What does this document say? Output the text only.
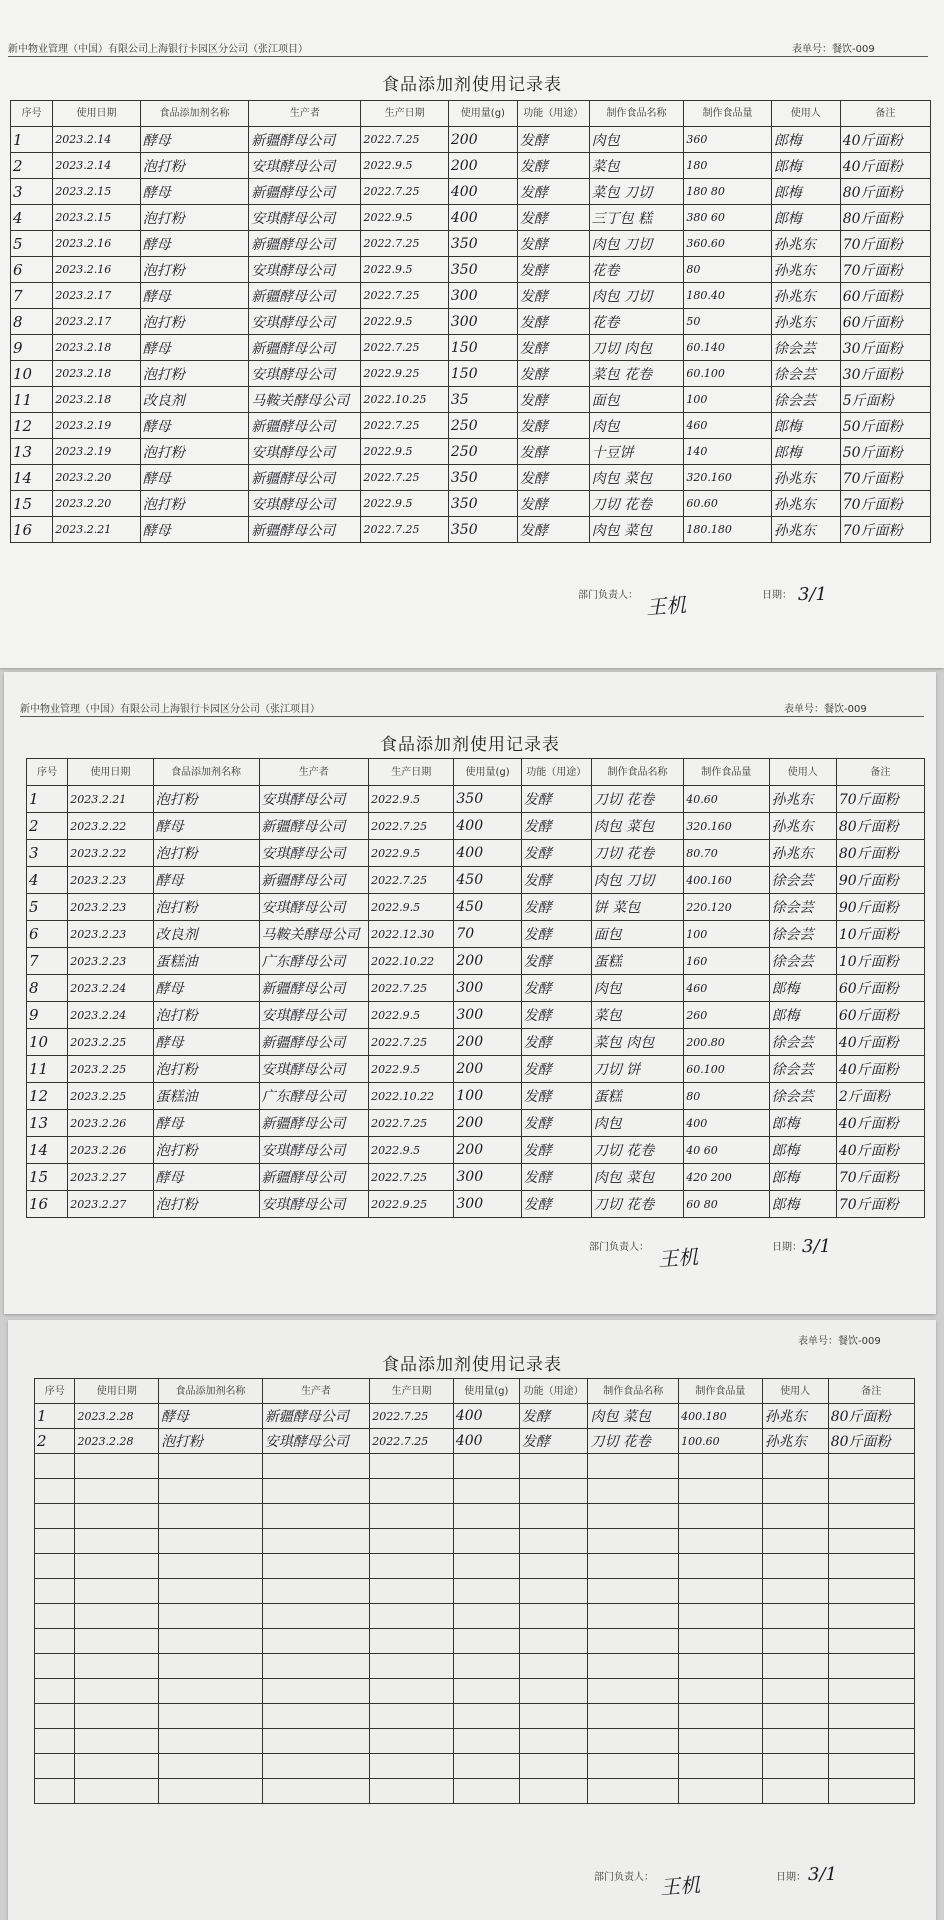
新中物业管理（中国）有限公司上海银行卡园区分公司（张江项目）	表单号：餐饮-009
食品添加剂使用记录表
序号	使用日期	食品添加剂名称	生产者	生产日期	使用量(g)	功能（用途）	制作食品名称	制作食品量	使用人	备注
1	2023.2.14	酵母	新疆酵母公司	2022.7.25	200	发酵	肉包	360	郎梅	40斤面粉
2	2023.2.14	泡打粉	安琪酵母公司	2022.9.5	200	发酵	菜包	180	郎梅	40斤面粉
3	2023.2.15	酵母	新疆酵母公司	2022.7.25	400	发酵	菜包 刀切	180 80	郎梅	80斤面粉
4	2023.2.15	泡打粉	安琪酵母公司	2022.9.5	400	发酵	三丁包 糕	380 60	郎梅	80斤面粉
5	2023.2.16	酵母	新疆酵母公司	2022.7.25	350	发酵	肉包 刀切	360.60	孙兆东	70斤面粉
6	2023.2.16	泡打粉	安琪酵母公司	2022.9.5	350	发酵	花卷	80	孙兆东	70斤面粉
7	2023.2.17	酵母	新疆酵母公司	2022.7.25	300	发酵	肉包 刀切	180.40	孙兆东	60斤面粉
8	2023.2.17	泡打粉	安琪酵母公司	2022.9.5	300	发酵	花卷	50	孙兆东	60斤面粉
9	2023.2.18	酵母	新疆酵母公司	2022.7.25	150	发酵	刀切 肉包	60.140	徐会芸	30斤面粉
10	2023.2.18	泡打粉	安琪酵母公司	2022.9.25	150	发酵	菜包 花卷	60.100	徐会芸	30斤面粉
11	2023.2.18	改良剂	马鞍关酵母公司	2022.10.25	35	发酵	面包	100	徐会芸	5斤面粉
12	2023.2.19	酵母	新疆酵母公司	2022.7.25	250	发酵	肉包	460	郎梅	50斤面粉
13	2023.2.19	泡打粉	安琪酵母公司	2022.9.5	250	发酵	十豆饼	140	郎梅	50斤面粉
14	2023.2.20	酵母	新疆酵母公司	2022.7.25	350	发酵	肉包 菜包	320.160	孙兆东	70斤面粉
15	2023.2.20	泡打粉	安琪酵母公司	2022.9.5	350	发酵	刀切 花卷	60.60	孙兆东	70斤面粉
16	2023.2.21	酵母	新疆酵母公司	2022.7.25	350	发酵	肉包 菜包	180.180	孙兆东	70斤面粉
部门负责人： 王机	日期： 3/1
新中物业管理（中国）有限公司上海银行卡园区分公司（张江项目）	表单号：餐饮-009
食品添加剂使用记录表
序号	使用日期	食品添加剂名称	生产者	生产日期	使用量(g)	功能（用途）	制作食品名称	制作食品量	使用人	备注
1	2023.2.21	泡打粉	安琪酵母公司	2022.9.5	350	发酵	刀切 花卷	40.60	孙兆东	70斤面粉
2	2023.2.22	酵母	新疆酵母公司	2022.7.25	400	发酵	肉包 菜包	320.160	孙兆东	80斤面粉
3	2023.2.22	泡打粉	安琪酵母公司	2022.9.5	400	发酵	刀切 花卷	80.70	孙兆东	80斤面粉
4	2023.2.23	酵母	新疆酵母公司	2022.7.25	450	发酵	肉包 刀切	400.160	徐会芸	90斤面粉
5	2023.2.23	泡打粉	安琪酵母公司	2022.9.5	450	发酵	饼 菜包	220.120	徐会芸	90斤面粉
6	2023.2.23	改良剂	马鞍关酵母公司	2022.12.30	70	发酵	面包	100	徐会芸	10斤面粉
7	2023.2.23	蛋糕油	广东酵母公司	2022.10.22	200	发酵	蛋糕	160	徐会芸	10斤面粉
8	2023.2.24	酵母	新疆酵母公司	2022.7.25	300	发酵	肉包	460	郎梅	60斤面粉
9	2023.2.24	泡打粉	安琪酵母公司	2022.9.5	300	发酵	菜包	260	郎梅	60斤面粉
10	2023.2.25	酵母	新疆酵母公司	2022.7.25	200	发酵	菜包 肉包	200.80	徐会芸	40斤面粉
11	2023.2.25	泡打粉	安琪酵母公司	2022.9.5	200	发酵	刀切 饼	60.100	徐会芸	40斤面粉
12	2023.2.25	蛋糕油	广东酵母公司	2022.10.22	100	发酵	蛋糕	80	徐会芸	2斤面粉
13	2023.2.26	酵母	新疆酵母公司	2022.7.25	200	发酵	肉包	400	郎梅	40斤面粉
14	2023.2.26	泡打粉	安琪酵母公司	2022.9.5	200	发酵	刀切 花卷	40 60	郎梅	40斤面粉
15	2023.2.27	酵母	新疆酵母公司	2022.7.25	300	发酵	肉包 菜包	420 200	郎梅	70斤面粉
16	2023.2.27	泡打粉	安琪酵母公司	2022.9.25	300	发酵	刀切 花卷	60 80	郎梅	70斤面粉
部门负责人： 王机	日期： 3/1
表单号：餐饮-009
食品添加剂使用记录表
序号	使用日期	食品添加剂名称	生产者	生产日期	使用量(g)	功能（用途）	制作食品名称	制作食品量	使用人	备注
1	2023.2.28	酵母	新疆酵母公司	2022.7.25	400	发酵	肉包 菜包	400.180	孙兆东	80斤面粉
2	2023.2.28	泡打粉	安琪酵母公司	2022.7.25	400	发酵	刀切 花卷	100.60	孙兆东	80斤面粉

部门负责人： 王机	日期： 3/1
